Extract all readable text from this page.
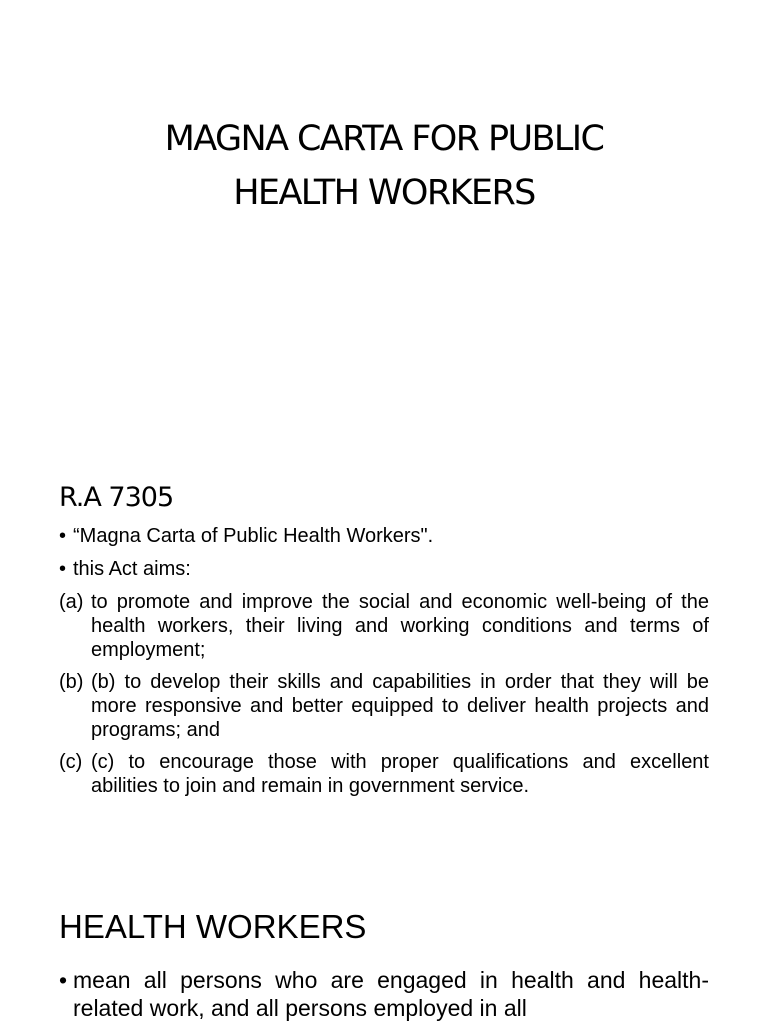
MAGNA CARTA FOR PUBLIC
HEALTH WORKERS
R.A 7305
• “Magna Carta of Public Health Workers".
• this Act aims:
(a) to promote and improve the social and economic well-being of the health workers, their living and working conditions and terms of employment;
(b) (b) to develop their skills and capabilities in order that they will be more responsive and better equipped to deliver health projects and programs; and
(c) (c) to encourage those with proper qualifications and excellent abilities to join and remain in government service.
HEALTH WORKERS
• mean all persons who are engaged in health and health-related work, and all persons employed in all
